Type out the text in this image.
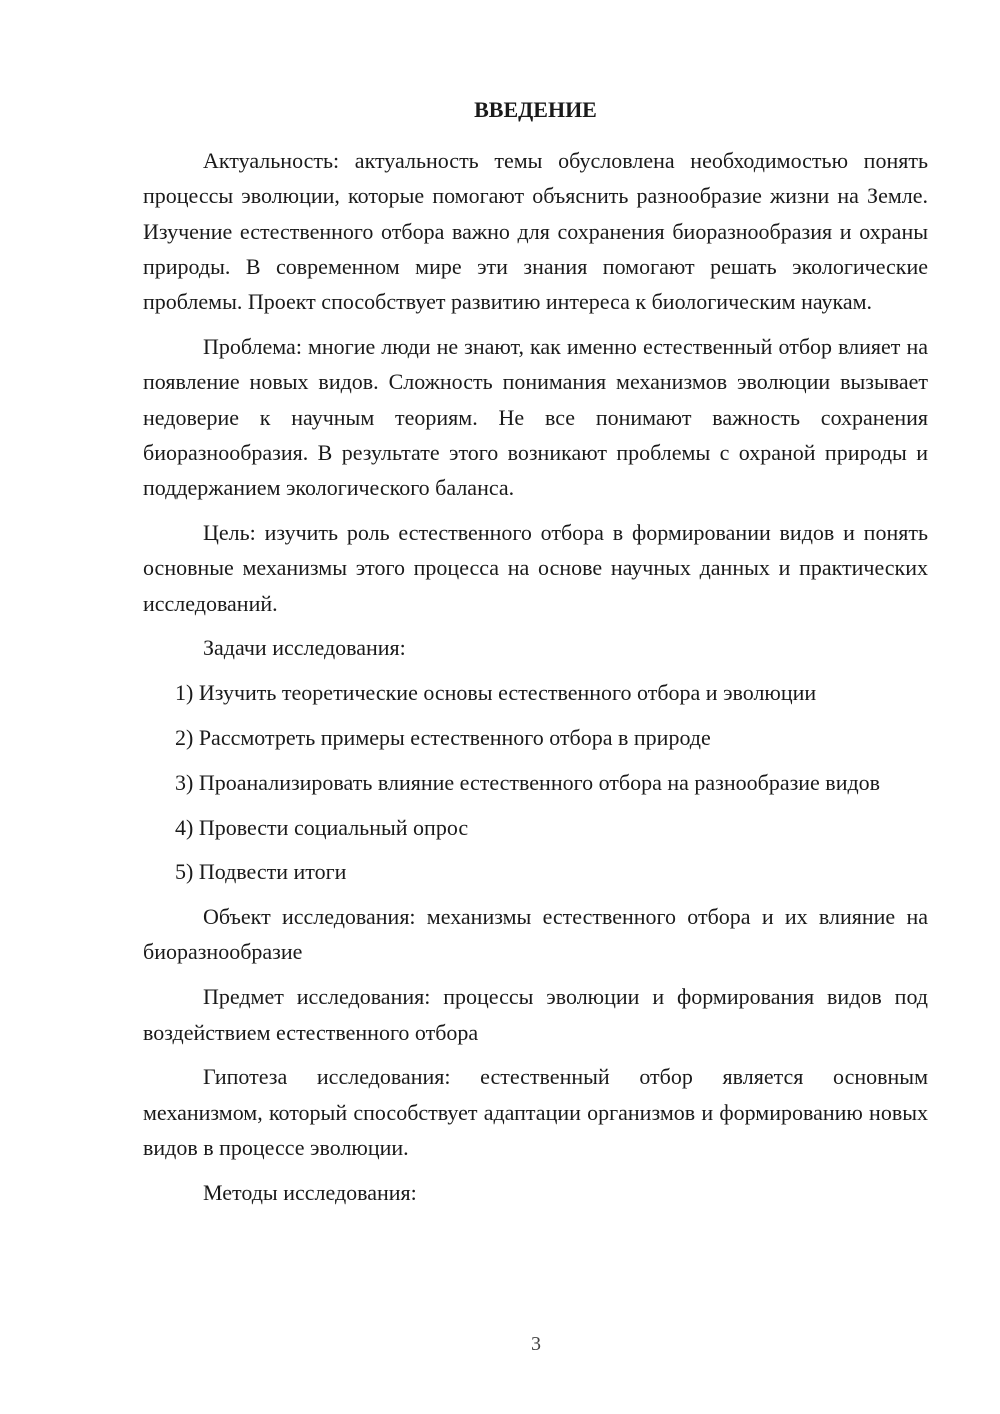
ВВЕДЕНИЕ

Актуальность: актуальность темы обусловлена необходимостью понять процессы эволюции, которые помогают объяснить разнообразие жизни на Земле. Изучение естественного отбора важно для сохранения биоразнообразия и охраны природы. В современном мире эти знания помогают решать экологические проблемы. Проект способствует развитию интереса к биологическим наукам.

Проблема: многие люди не знают, как именно естественный отбор влияет на появление новых видов. Сложность понимания механизмов эволюции вызывает недоверие к научным теориям. Не все понимают важность сохранения биоразнообразия. В результате этого возникают проблемы с охраной природы и поддержанием экологического баланса.

Цель: изучить роль естественного отбора в формировании видов и понять основные механизмы этого процесса на основе научных данных и практических исследований.

Задачи исследования:

1) Изучить теоретические основы естественного отбора и эволюции

2) Рассмотреть примеры естественного отбора в природе

3) Проанализировать влияние естественного отбора на разнообразие видов

4) Провести социальный опрос

5) Подвести итоги

Объект исследования: механизмы естественного отбора и их влияние на биоразнообразие

Предмет исследования: процессы эволюции и формирования видов под воздействием естественного отбора

Гипотеза исследования: естественный отбор является основным механизмом, который способствует адаптации организмов и формированию новых видов в процессе эволюции.

Методы исследования:

3
